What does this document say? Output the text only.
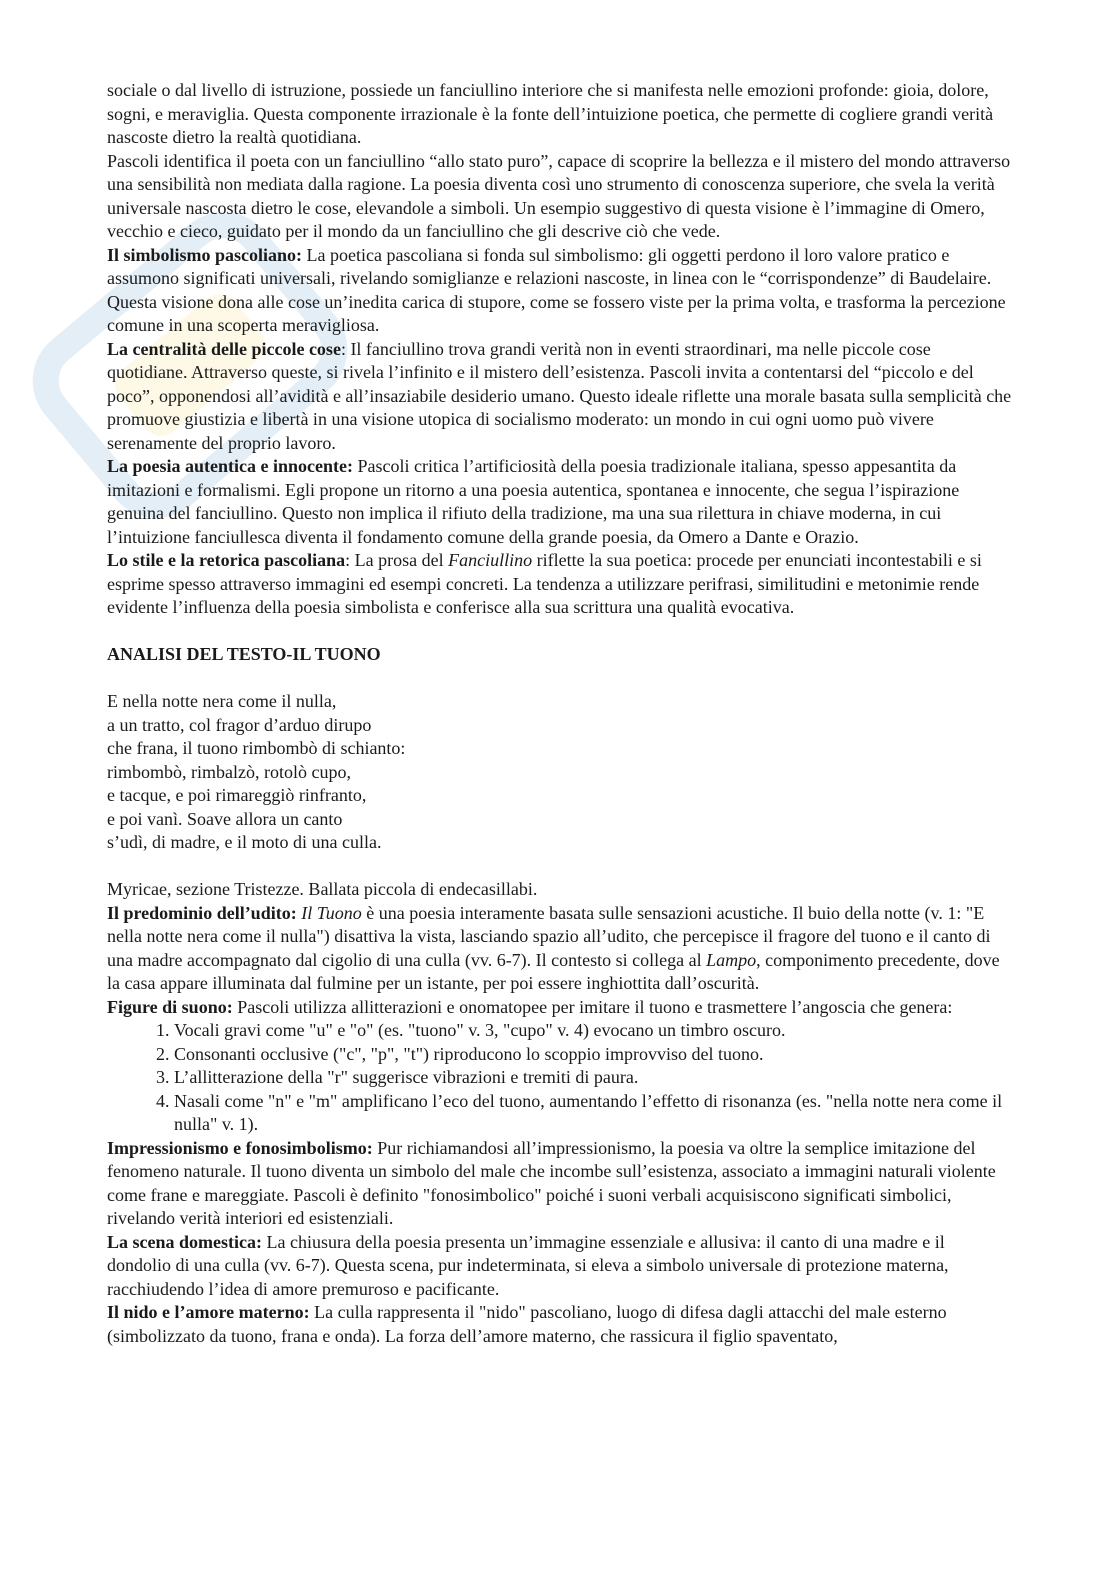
sociale o dal livello di istruzione, possiede un fanciullino interiore che si manifesta nelle emozioni profonde: gioia, dolore, sogni, e meraviglia. Questa componente irrazionale è la fonte dell’intuizione poetica, che permette di cogliere grandi verità nascoste dietro la realtà quotidiana.

Pascoli identifica il poeta con un fanciullino “allo stato puro”, capace di scoprire la bellezza e il mistero del mondo attraverso una sensibilità non mediata dalla ragione. La poesia diventa così uno strumento di conoscenza superiore, che svela la verità universale nascosta dietro le cose, elevandole a simboli. Un esempio suggestivo di questa visione è l’immagine di Omero, vecchio e cieco, guidato per il mondo da un fanciullino che gli descrive ciò che vede.

Il simbolismo pascoliano: La poetica pascoliana si fonda sul simbolismo: gli oggetti perdono il loro valore pratico e assumono significati universali, rivelando somiglianze e relazioni nascoste, in linea con le “corrispondenze” di Baudelaire. Questa visione dona alle cose un’inedita carica di stupore, come se fossero viste per la prima volta, e trasforma la percezione comune in una scoperta meravigliosa.

La centralità delle piccole cose: Il fanciullino trova grandi verità non in eventi straordinari, ma nelle piccole cose quotidiane. Attraverso queste, si rivela l’infinito e il mistero dell’esistenza. Pascoli invita a contentarsi del “piccolo e del poco”, opponendosi all’avidità e all’insaziabile desiderio umano. Questo ideale riflette una morale basata sulla semplicità che promuove giustizia e libertà in una visione utopica di socialismo moderato: un mondo in cui ogni uomo può vivere serenamente del proprio lavoro.

La poesia autentica e innocente: Pascoli critica l’artificiosità della poesia tradizionale italiana, spesso appesantita da imitazioni e formalismi. Egli propone un ritorno a una poesia autentica, spontanea e innocente, che segua l’ispirazione genuina del fanciullino. Questo non implica il rifiuto della tradizione, ma una sua rilettura in chiave moderna, in cui l’intuizione fanciullesca diventa il fondamento comune della grande poesia, da Omero a Dante e Orazio.

Lo stile e la retorica pascoliana: La prosa del Fanciullino riflette la sua poetica: procede per enunciati incontestabili e si esprime spesso attraverso immagini ed esempi concreti. La tendenza a utilizzare perifrasi, similitudini e metonimie rende evidente l’influenza della poesia simbolista e conferisce alla sua scrittura una qualità evocativa.

ANALISI DEL TESTO-IL TUONO

E nella notte nera come il nulla,

a un tratto, col fragor d’arduo dirupo

che frana, il tuono rimbombò di schianto:

rimbombò, rimbalzò, rotolò cupo,

e tacque, e poi rimareggiò rinfranto,

e poi vanì. Soave allora un canto

s’udì, di madre, e il moto di una culla.

Myricae, sezione Tristezze. Ballata piccola di endecasillabi.

Il predominio dell’udito: Il Tuono è una poesia interamente basata sulle sensazioni acustiche. Il buio della notte (v. 1: "E nella notte nera come il nulla") disattiva la vista, lasciando spazio all’udito, che percepisce il fragore del tuono e il canto di una madre accompagnato dal cigolio di una culla (vv. 6-7). Il contesto si collega al Lampo, componimento precedente, dove la casa appare illuminata dal fulmine per un istante, per poi essere inghiottita dall’oscurità.

Figure di suono: Pascoli utilizza allitterazioni e onomatopee per imitare il tuono e trasmettere l’angoscia che genera:

1. Vocali gravi come "u" e "o" (es. "tuono" v. 3, "cupo" v. 4) evocano un timbro oscuro.
2. Consonanti occlusive ("c", "p", "t") riproducono lo scoppio improvviso del tuono.
3. L’allitterazione della "r" suggerisce vibrazioni e tremiti di paura.
4. Nasali come "n" e "m" amplificano l’eco del tuono, aumentando l’effetto di risonanza (es. "nella notte nera come il nulla" v. 1).

Impressionismo e fonosimbolismo: Pur richiamandosi all’impressionismo, la poesia va oltre la semplice imitazione del fenomeno naturale. Il tuono diventa un simbolo del male che incombe sull’esistenza, associato a immagini naturali violente come frane e mareggiate. Pascoli è definito "fonosimbolico" poiché i suoni verbali acquisiscono significati simbolici, rivelando verità interiori ed esistenziali.

La scena domestica: La chiusura della poesia presenta un’immagine essenziale e allusiva: il canto di una madre e il dondolio di una culla (vv. 6-7). Questa scena, pur indeterminata, si eleva a simbolo universale di protezione materna, racchiudendo l’idea di amore premuroso e pacificante.

Il nido e l’amore materno: La culla rappresenta il "nido" pascoliano, luogo di difesa dagli attacchi del male esterno (simbolizzato da tuono, frana e onda). La forza dell’amore materno, che rassicura il figlio spaventato,
